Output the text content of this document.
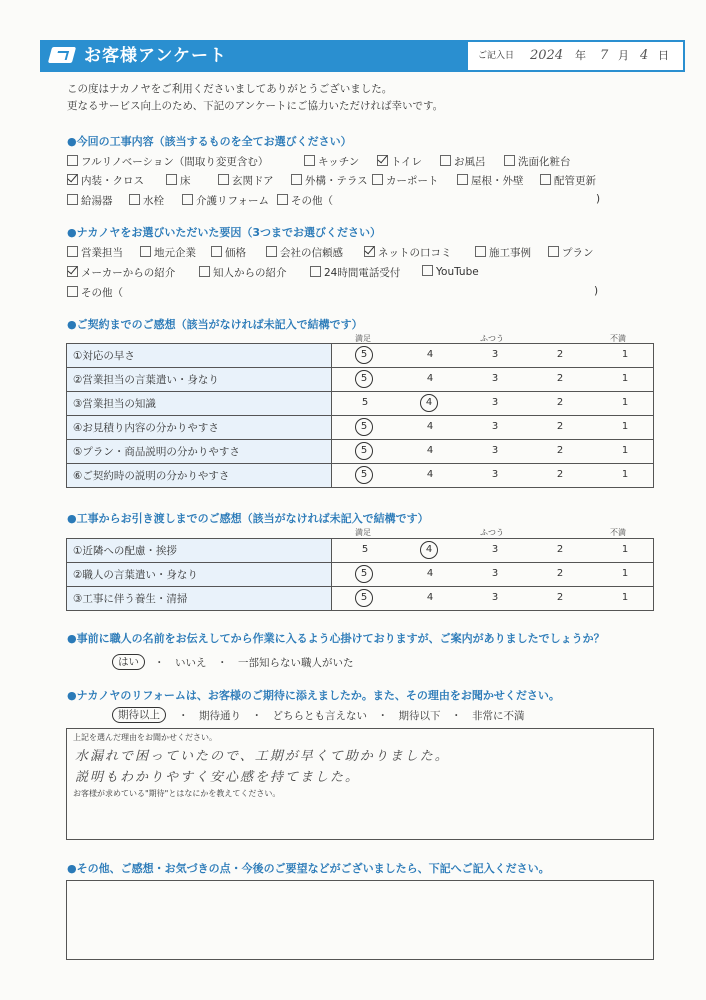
お客様アンケート	ご記入日 2024 年 7 月 4 日
この度はナカノヤをご利用くださいましてありがとうございました。
更なるサービス向上のため、下記のアンケートにご協力いただければ幸いです。
●今回の工事内容（該当するものを全てお選びください）
フルリノベーション（間取り変更含む）	キッチン	トイレ	お風呂	洗面化粧台
内装・クロス	床	玄関ドア	外構・テラス	カーポート	屋根・外壁	配管更新
給湯器	水栓	介護リフォーム	その他（	)
●ナカノヤをお選びいただいた要因（3つまでお選びください）
営業担当	地元企業	価格	会社の信頼感	ネットの口コミ	施工事例	プラン
メーカーからの紹介	知人からの紹介	24時間電話受付	YouTube
その他（	)
●ご契約までのご感想（該当がなければ未記入で結構です）
満足	ふつう	不満
①対応の早さ	5 4 3 2 1

②営業担当の言葉遣い・身なり	5 4 3 2 1

③営業担当の知識	5 4 3 2 1

④お見積り内容の分かりやすさ	5 4 3 2 1

⑤プラン・商品説明の分かりやすさ	5 4 3 2 1

⑥ご契約時の説明の分かりやすさ	5 4 3 2 1
●工事からお引き渡しまでのご感想（該当がなければ未記入で結構です）
満足	ふつう	不満
①近隣への配慮・挨拶	5 4 3 2 1

②職人の言葉遣い・身なり	5 4 3 2 1

③工事に伴う養生・清掃	5 4 3 2 1
●事前に職人の名前をお伝えしてから作業に入るよう心掛けておりますが、ご案内がありましたでしょうか？
はい	・　いいえ　・　一部知らない職人がいた
●ナカノヤのリフォームは、お客様のご期待に添えましたか。また、その理由をお聞かせください。
期待以上	・　期待通り　・　どちらとも言えない　・　期待以下　・　非常に不満
上記を選んだ理由をお聞かせください。
水漏れで困っていたので、工期が早くて助かりました。
説明もわかりやすく安心感を持てました。
お客様が求めている"期待"とはなにかを教えてください。
●その他、ご感想・お気づきの点・今後のご要望などがございましたら、下記へご記入ください。
